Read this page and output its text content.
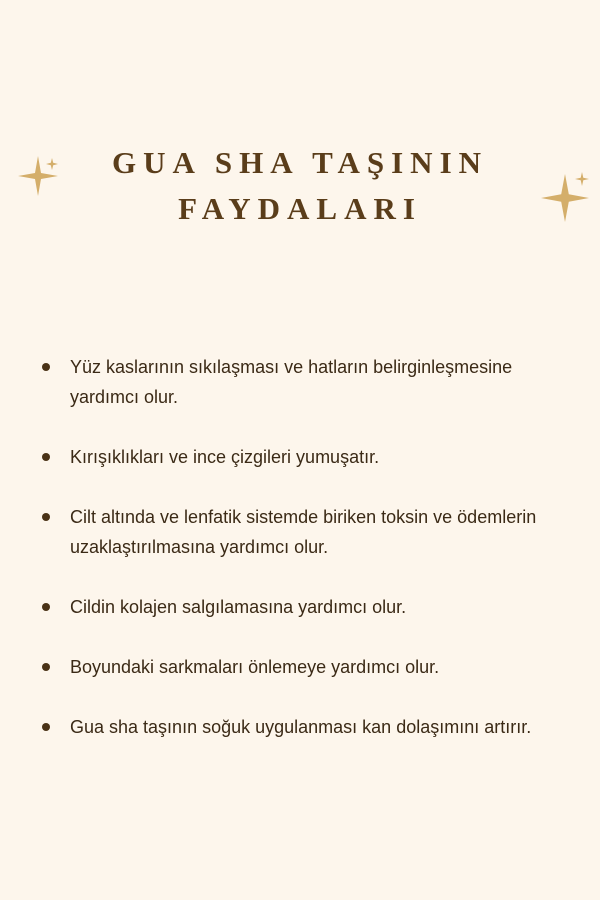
GUA SHA TAŞININ
FAYDALARI
Yüz kaslarının sıkılaşması ve hatların belirginleşmesine yardımcı olur.
Kırışıklıkları ve ince çizgileri yumuşatır.
Cilt altında ve lenfatik sistemde biriken toksin ve ödemlerin uzaklaştırılmasına yardımcı olur.
Cildin kolajen salgılamasına yardımcı olur.
Boyundaki sarkmaları önlemeye yardımcı olur.
Gua sha taşının soğuk uygulanması kan dolaşımını artırır.
